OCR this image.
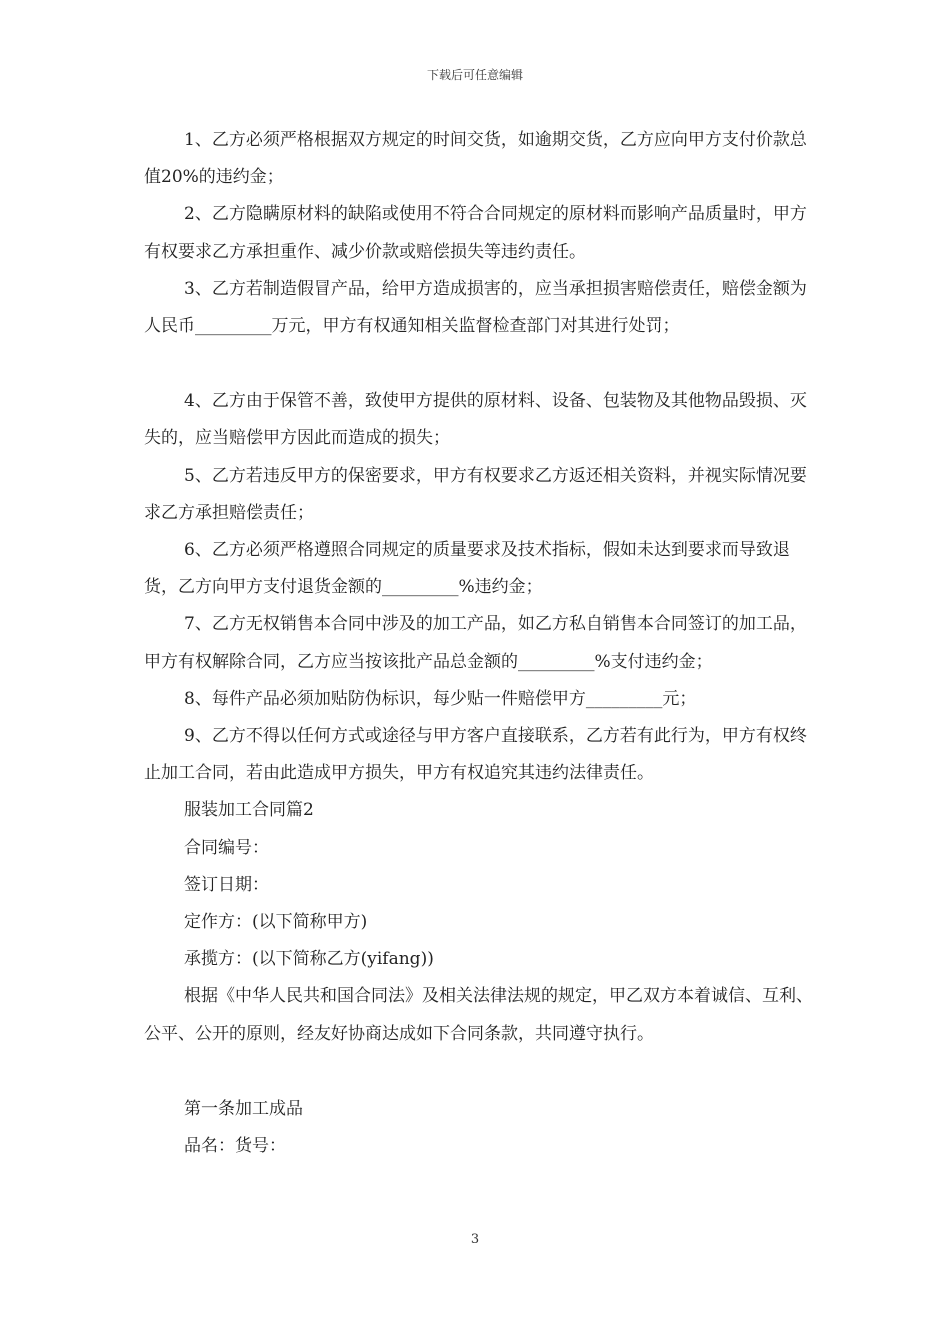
下载后可任意编辑

1、乙方必须严格根据双方规定的时间交货，如逾期交货，乙方应向甲方支付价款总值20%的违约金；

2、乙方隐瞒原材料的缺陷或使用不符合合同规定的原材料而影响产品质量时，甲方有权要求乙方承担重作、减少价款或赔偿损失等违约责任。

3、乙方若制造假冒产品，给甲方造成损害的，应当承担损害赔偿责任，赔偿金额为人民币_________万元，甲方有权通知相关监督检查部门对其进行处罚；

4、乙方由于保管不善，致使甲方提供的原材料、设备、包装物及其他物品毁损、灭失的，应当赔偿甲方因此而造成的损失；

5、乙方若违反甲方的保密要求，甲方有权要求乙方返还相关资料，并视实际情况要求乙方承担赔偿责任；

6、乙方必须严格遵照合同规定的质量要求及技术指标，假如未达到要求而导致退货，乙方向甲方支付退货金额的_________%违约金；

7、乙方无权销售本合同中涉及的加工产品，如乙方私自销售本合同签订的加工品，甲方有权解除合同，乙方应当按该批产品总金额的_________%支付违约金；

8、每件产品必须加贴防伪标识，每少贴一件赔偿甲方_________元；

9、乙方不得以任何方式或途径与甲方客户直接联系，乙方若有此行为，甲方有权终止加工合同，若由此造成甲方损失，甲方有权追究其违约法律责任。

服装加工合同篇2

合同编号：

签订日期：

定作方：(以下简称甲方)

承揽方：(以下简称乙方(yifang))

根据《中华人民共和国合同法》及相关法律法规的规定，甲乙双方本着诚信、互利、公平、公开的原则，经友好协商达成如下合同条款，共同遵守执行。

第一条加工成品

品名：货号：

3
